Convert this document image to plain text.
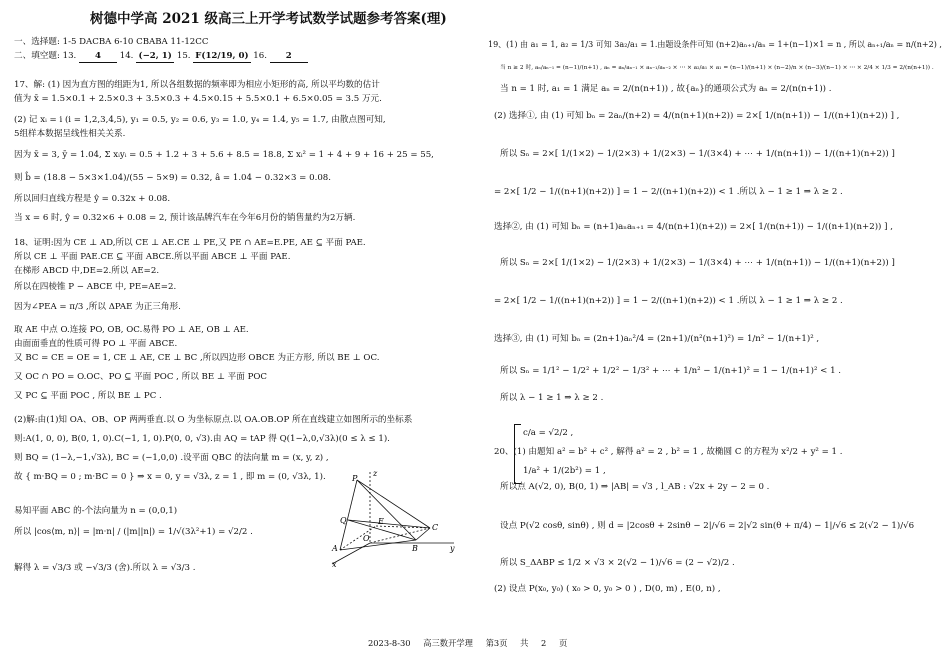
树德中学高 2021 级高三上开学考试数学试题参考答案(理)
一、选择题: 1-5 DACBA 6-10 CBABA 11-12CC
二、填空题: 13. 4 14. (−2, 1) 15. F(12/19, 0) 16. 2
17、解: (1) 因为直方图的组距为1, 所以各组数据的频率即为相应小矩形的高, 所以平均数的估计
值为 x̄ = 1.5×0.1 + 2.5×0.3 + 3.5×0.3 + 4.5×0.15 + 5.5×0.1 + 6.5×0.05 = 3.5 万元.
(2) 记 xᵢ = i (i = 1,2,3,4,5), y₁ = 0.5, y₂ = 0.6, y₃ = 1.0, y₄ = 1.4, y₅ = 1.7, 由散点图可知,
5组样本数据呈线性相关关系.
因为 x̄ = 3, ȳ = 1.04, Σ xᵢyᵢ = 0.5 + 1.2 + 3 + 5.6 + 8.5 = 18.8, Σ xᵢ² = 1 + 4 + 9 + 16 + 25 = 55,
则 b̂ = (18.8 − 5×3×1.04)/(55 − 5×9) = 0.32, â = 1.04 − 0.32×3 = 0.08.
所以回归直线方程是 ŷ = 0.32x + 0.08.
当 x = 6 时, ŷ = 0.32×6 + 0.08 = 2, 预计该品牌汽车在今年6月份的销售量约为2万辆.
18、证明:因为 CE ⊥ AD,所以 CE ⊥ AE.CE ⊥ PE,又 PE ∩ AE=E.PE, AE ⊆ 平面 PAE.
所以 CE ⊥ 平面 PAE.CE ⊆ 平面 ABCE.所以平面 ABCE ⊥ 平面 PAE.
在梯形 ABCD 中,DE=2.所以 AE=2.
所以在四棱锥 P − ABCE 中, PE=AE=2.
因为∠PEA = π/3 ,所以 ΔPAE 为正三角形.
取 AE 中点 O.连接 PO, OB, OC.易得 PO ⊥ AE, OB ⊥ AE.
由面面垂直的性质可得 PO ⊥ 平面 ABCE.
又 BC = CE = OE = 1, CE ⊥ AE, CE ⊥ BC ,所以四边形 OBCE 为正方形, 所以 BE ⊥ OC.
又 OC ∩ PO = O.OC、PO ⊆ 平面 POC , 所以 BE ⊥ 平面 POC
又 PC ⊆ 平面 POC , 所以 BE ⊥ PC .
(2)解:由(1)知 OA、OB、OP 两两垂直.以 O 为坐标原点.以 OA.OB.OP 所在直线建立如图所示的坐标系
则:A(1, 0, 0), B(0, 1, 0).C(−1, 1, 0).P(0, 0, √3).由 AQ = tAP 得 Q(1−λ,0,√3λ)(0 ≤ λ ≤ 1).
则 BQ = (1−λ,−1,√3λ), BC = (−1,0,0) .设平面 QBC 的法向量 m = (x, y, z) ,
故 { m·BQ = 0 ; m·BC = 0 } ⇒ x = 0, y = √3λ, z = 1 , 即 m = (0, √3λ, 1).
易知平面 ABC 的-个法向量为 n = (0,0,1)
所以 |cos⟨m, n⟩| = |m·n| / (|m||n|) = 1/√(3λ²+1) = √2/2 .
解得 λ = √3/3 或 −√3/3 (舍).所以 λ = √3/3 .
19、(1) 由 a₁ = 1, a₂ = 1/3 可知 3a₂/a₁ = 1.由题设条件可知 (n+2)aₙ₊₁/aₙ = 1+(n−1)×1 = n , 所以 aₙ₊₁/aₙ = n/(n+2) ,
当 n ≥ 2 时, aₙ/aₙ₋₁ = (n−1)/(n+1) , aₙ = aₙ/aₙ₋₁ × aₙ₋₁/aₙ₋₂ × ⋯ × a₂/a₁ × a₁ = (n−1)/(n+1) × (n−2)/n × (n−3)/(n−1) × ⋯ × 2/4 × 1/3 = 2/(n(n+1)) .
当 n = 1 时, a₁ = 1 满足 aₙ = 2/(n(n+1)) , 故{aₙ}的通项公式为 aₙ = 2/(n(n+1)) .
(2) 选择①, 由 (1) 可知 bₙ = 2aₙ/(n+2) = 4/(n(n+1)(n+2)) = 2×[ 1/(n(n+1)) − 1/((n+1)(n+2)) ] ,
所以 Sₙ = 2×[ 1/(1×2) − 1/(2×3) + 1/(2×3) − 1/(3×4) + ⋯ + 1/(n(n+1)) − 1/((n+1)(n+2)) ]
= 2×[ 1/2 − 1/((n+1)(n+2)) ] = 1 − 2/((n+1)(n+2)) < 1 .所以 λ − 1 ≥ 1 ⇒ λ ≥ 2 .
选择②, 由 (1) 可知 bₙ = (n+1)aₙaₙ₊₁ = 4/(n(n+1)(n+2)) = 2×[ 1/(n(n+1)) − 1/((n+1)(n+2)) ] ,
所以 Sₙ = 2×[ 1/(1×2) − 1/(2×3) + 1/(2×3) − 1/(3×4) + ⋯ + 1/(n(n+1)) − 1/((n+1)(n+2)) ]
= 2×[ 1/2 − 1/((n+1)(n+2)) ] = 1 − 2/((n+1)(n+2)) < 1 .所以 λ − 1 ≥ 1 ⇒ λ ≥ 2 .
选择③, 由 (1) 可知 bₙ = (2n+1)aₙ²/4 = (2n+1)/(n²(n+1)²) = 1/n² − 1/(n+1)² ,
所以 Sₙ = 1/1² − 1/2² + 1/2² − 1/3² + ⋯ + 1/n² − 1/(n+1)² = 1 − 1/(n+1)² < 1 .
所以 λ − 1 ≥ 1 ⇒ λ ≥ 2 .
c/a = √2/2 ,
20、(1) 由题知 a² = b² + c² , 解得 a² = 2 , b² = 1 , 故椭圆 C 的方程为 x²/2 + y² = 1 .
1/a² + 1/(2b²) = 1 ,
所以点 A(√2, 0), B(0, 1) ⇒ |AB| = √3 , l_AB : √2x + 2y − 2 = 0 .
设点 P(√2 cosθ, sinθ) , 则 d = |2cosθ + 2sinθ − 2|/√6 = 2|√2 sin(θ + π/4) − 1|/√6 ≤ 2(√2 − 1)/√6
所以 S_ΔABP ≤ 1/2 × √3 × 2(√2 − 1)/√6 = (2 − √2)/2 .
(2) 设点 P(x₀, y₀) ( x₀ > 0, y₀ > 0 ) , D(0, m) , E(0, n) ,
P
z
Q	E
O
C
A	B	y
x
2023-8-30 高三数开学理 第3页 共 2 页
